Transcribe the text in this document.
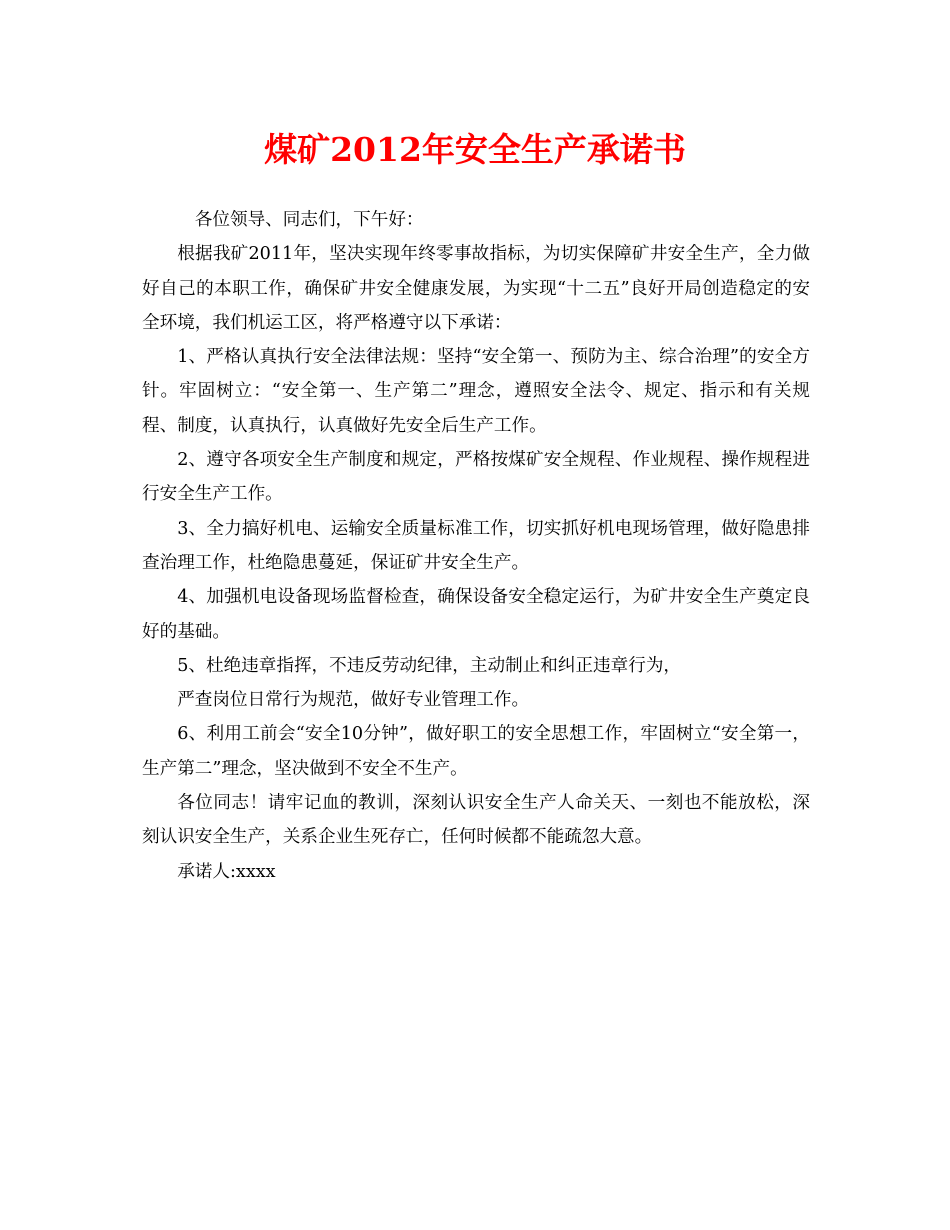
煤矿2012年安全生产承诺书

各位领导、同志们，下午好：

根据我矿2011年，坚决实现年终零事故指标，为切实保障矿井安全生产，全力做好自己的本职工作，确保矿井安全健康发展，为实现“十二五”良好开局创造稳定的安全环境，我们机运工区，将严格遵守以下承诺：

1、严格认真执行安全法律法规：坚持“安全第一、预防为主、综合治理”的安全方针。牢固树立：“安全第一、生产第二”理念，遵照安全法令、规定、指示和有关规程、制度，认真执行，认真做好先安全后生产工作。

2、遵守各项安全生产制度和规定，严格按煤矿安全规程、作业规程、操作规程进行安全生产工作。

3、全力搞好机电、运输安全质量标准工作，切实抓好机电现场管理，做好隐患排查治理工作，杜绝隐患蔓延，保证矿井安全生产。

4、加强机电设备现场监督检查，确保设备安全稳定运行，为矿井安全生产奠定良好的基础。

5、杜绝违章指挥，不违反劳动纪律，主动制止和纠正违章行为，

严查岗位日常行为规范，做好专业管理工作。

6、利用工前会“安全10分钟”，做好职工的安全思想工作，牢固树立“安全第一，生产第二”理念，坚决做到不安全不生产。

各位同志！请牢记血的教训，深刻认识安全生产人命关天、一刻也不能放松，深刻认识安全生产，关系企业生死存亡，任何时候都不能疏忽大意。

承诺人:xxxx
